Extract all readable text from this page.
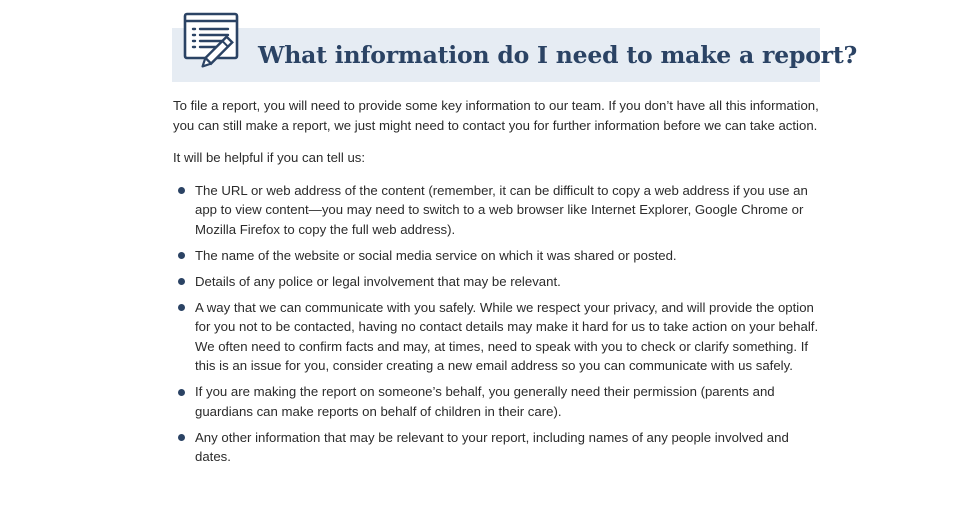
What information do I need to make a report?

To file a report, you will need to provide some key information to our team. If you don’t have all this information, you can still make a report, we just might need to contact you for further information before we can take action.

It will be helpful if you can tell us:

The URL or web address of the content (remember, it can be difficult to copy a web address if you use an app to view content—you may need to switch to a web browser like Internet Explorer, Google Chrome or Mozilla Firefox to copy the full web address).
The name of the website or social media service on which it was shared or posted.
Details of any police or legal involvement that may be relevant.
A way that we can communicate with you safely. While we respect your privacy, and will provide the option for you not to be contacted, having no contact details may make it hard for us to take action on your behalf. We often need to confirm facts and may, at times, need to speak with you to check or clarify something. If this is an issue for you, consider creating a new email address so you can communicate with us safely.
If you are making the report on someone’s behalf, you generally need their permission (parents and guardians can make reports on behalf of children in their care).
Any other information that may be relevant to your report, including names of any people involved and dates.
